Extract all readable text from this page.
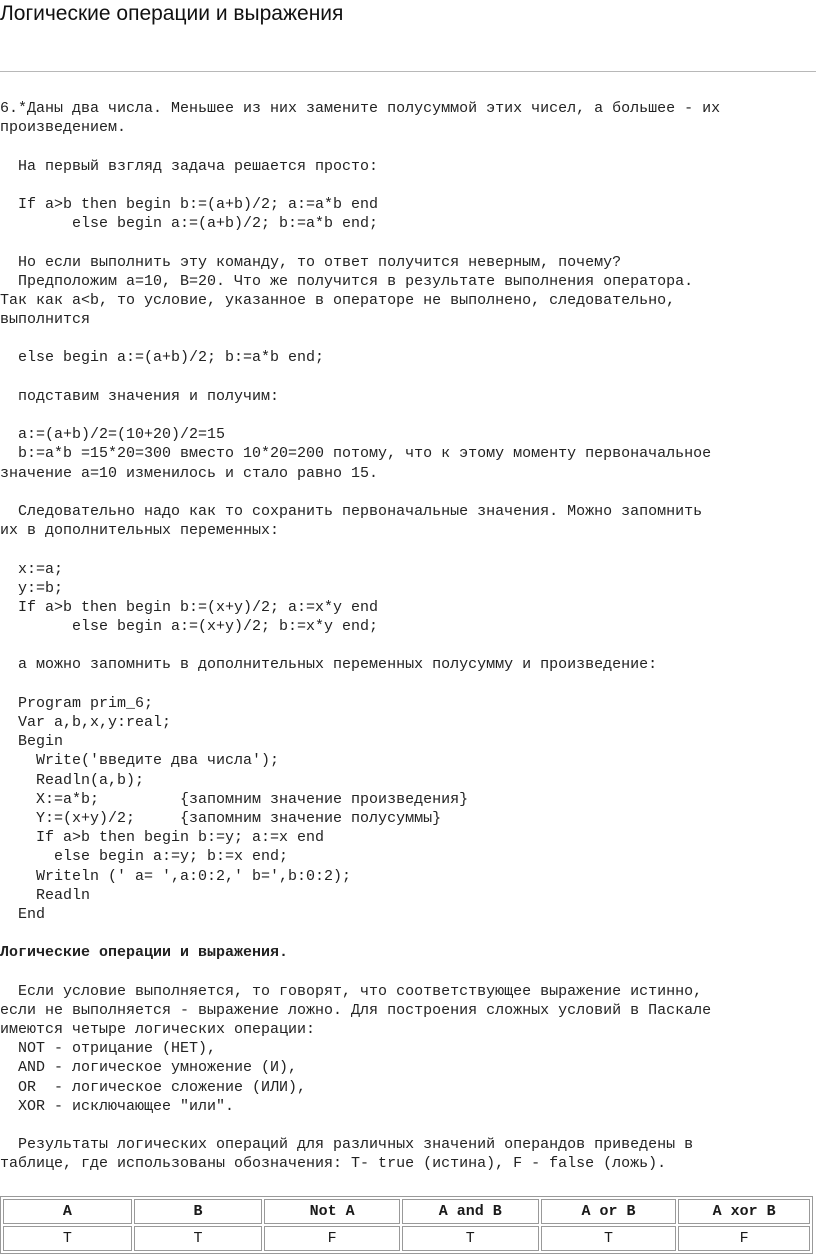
Логические операции и выражения
6.*Даны два числа. Меньшее из них замените полусуммой этих чисел, а большее - их
произведением.
На первый взгляд задача решается просто:
If a>b then begin b:=(a+b)/2; a:=a*b end
else begin a:=(a+b)/2; b:=a*b end;
Но если выполнить эту команду, то ответ получится неверным, почему?
Предположим а=10, В=20. Что же получится в результате выполнения оператора.
Так как a<b, то условие, указанное в операторе не выполнено, следовательно,
выполнится
else begin a:=(a+b)/2; b:=a*b end;
подставим значения и получим:
a:=(a+b)/2=(10+20)/2=15
b:=a*b =15*20=300 вместо 10*20=200 потому, что к этому моменту первоначальное
значение a=10 изменилось и стало равно 15.
Следовательно надо как то сохранить первоначальные значения. Можно запомнить
их в дополнительных переменных:
x:=a;
y:=b;
If a>b then begin b:=(x+y)/2; a:=x*y end
else begin a:=(x+y)/2; b:=x*y end;
а можно запомнить в дополнительных переменных полусумму и произведение:
Program prim_6;
Var a,b,x,y:real;
Begin
Write('введите два числа');
Readln(a,b);
X:=a*b;         {запомним значение произведения}
Y:=(x+y)/2;     {запомним значение полусуммы}
If a>b then begin b:=y; a:=x end
else begin a:=y; b:=x end;
Writeln (' a= ',a:0:2,' b=',b:0:2);
Readln
End
Логические операции и выражения.
Если условие выполняется, то говорят, что соответствующее выражение истинно,
если не выполняется - выражение ложно. Для построения сложных условий в Паскале
имеются четыре логических операции:
NOT - отрицание (НЕТ),
AND - логическое умножение (И),
OR  - логическое сложение (ИЛИ),
XOR - исключающее "или".
Результаты логических операций для различных значений операндов приведены в
таблице, где использованы обозначения: Т- true (истина), F - false (ложь).
A	B	Not A	A and B	A or B	A xor B
T	T	F	T	T	F
